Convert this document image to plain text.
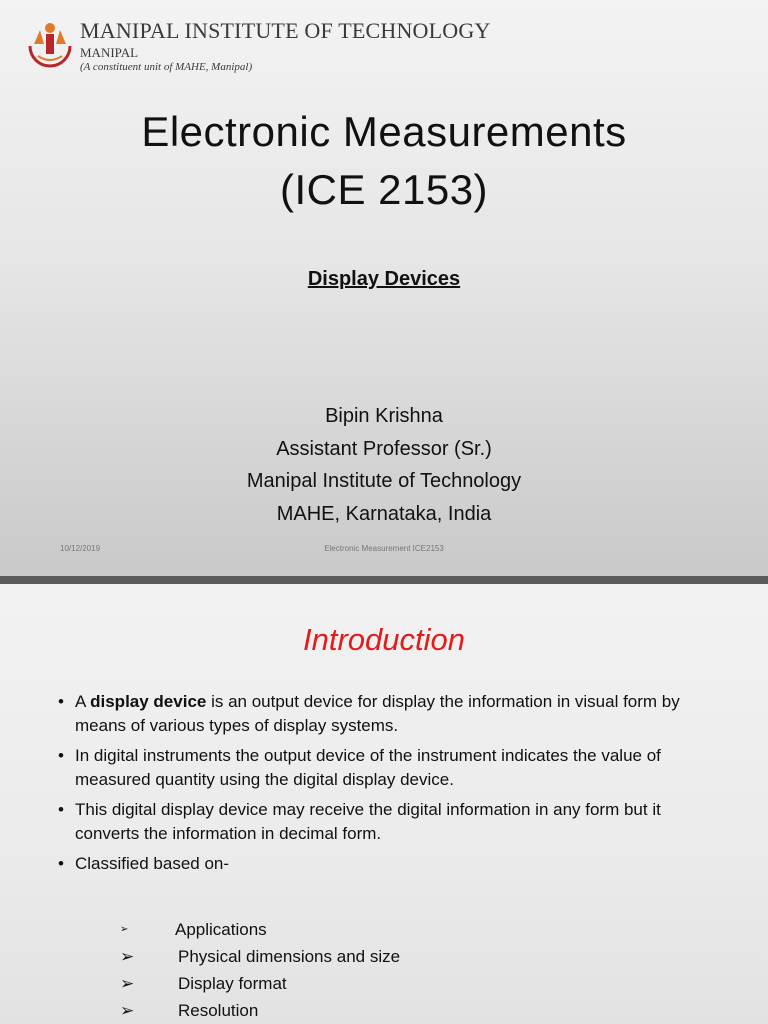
MANIPAL INSTITUTE OF TECHNOLOGY
MANIPAL
(A constituent unit of MAHE, Manipal)
Electronic Measurements
(ICE 2153)
Display Devices
Bipin Krishna
Assistant Professor (Sr.)
Manipal Institute of Technology
MAHE, Karnataka, India
10/12/2019	Electronic Measurement ICE2153
Introduction
• A display device is an output device for display the information in visual form by means of various types of display systems.
• In digital instruments the output device of the instrument indicates the value of measured quantity using the digital display device.
• This digital display device may receive the digital information in any form but it converts the information in decimal form.
• Classified based on-
➢	Applications
➢	Physical dimensions and size
➢	Display format
➢	Resolution
